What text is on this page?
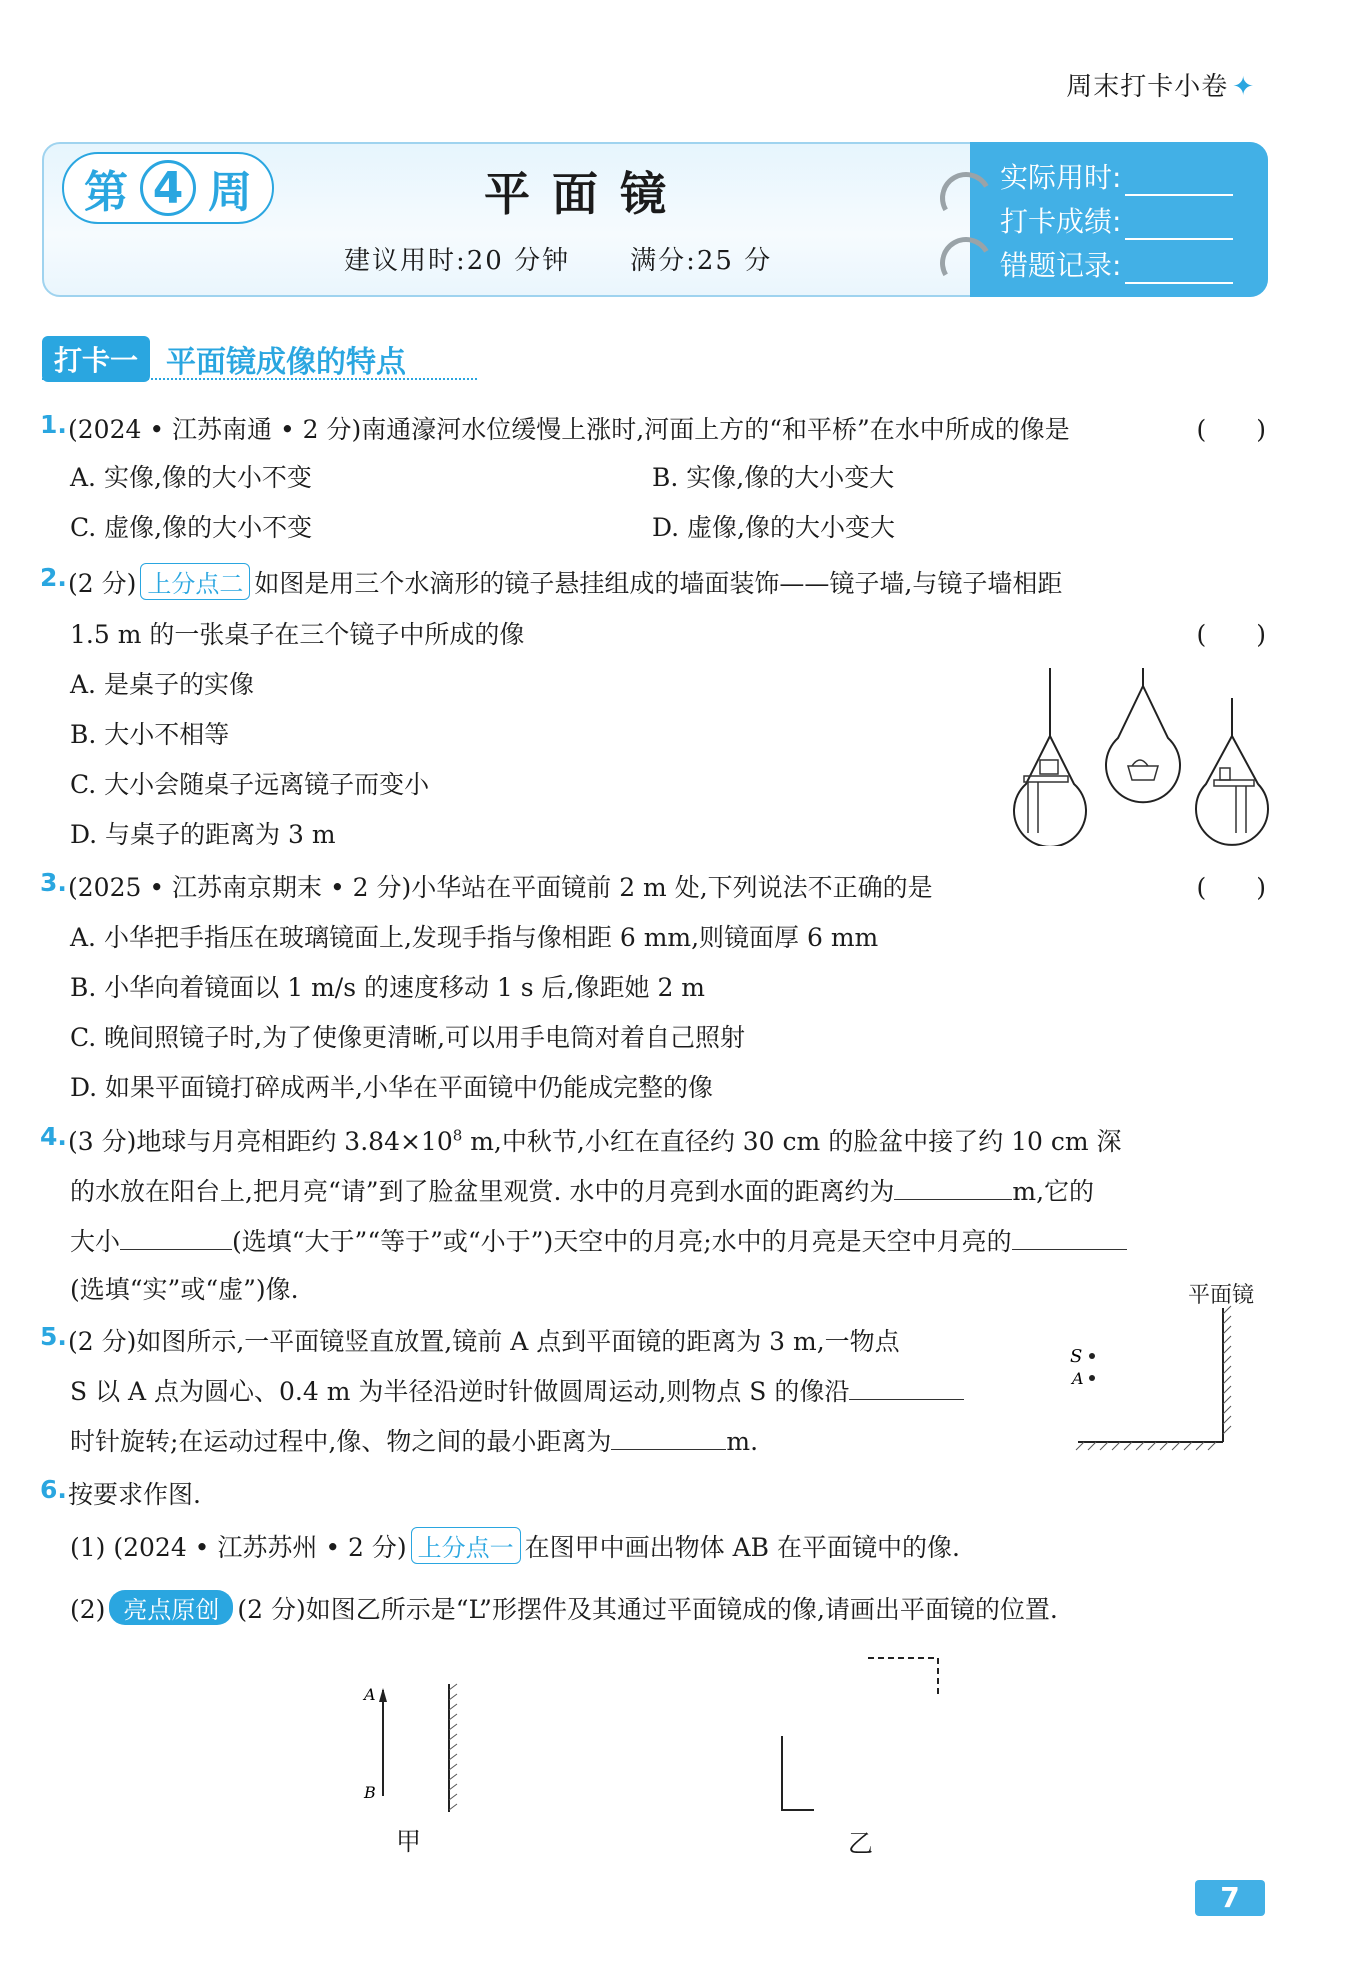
周末打卡小卷 ✦
第 4 周	平面镜
建议用时:20 分钟 满分:25 分
实际用时:
打卡成绩:
错题记录:
打卡一 平面镜成像的特点
1. (2024 • 江苏南通 • 2 分)南通濠河水位缓慢上涨时,河面上方的“和平桥”在水中所成的像是	(　　)
A. 实像,像的大小不变	B. 实像,像的大小变大
C. 虚像,像的大小不变	D. 虚像,像的大小变大
2. (2 分) 上分点二 如图是用三个水滴形的镜子悬挂组成的墙面装饰——镜子墙,与镜子墙相距
1.5 m 的一张桌子在三个镜子中所成的像	(　　)
A. 是桌子的实像
B. 大小不相等
C. 大小会随桌子远离镜子而变小
D. 与桌子的距离为 3 m
3. (2025 • 江苏南京期末 • 2 分)小华站在平面镜前 2 m 处,下列说法不正确的是	(　　)
A. 小华把手指压在玻璃镜面上,发现手指与像相距 6 mm,则镜面厚 6 mm
B. 小华向着镜面以 1 m/s 的速度移动 1 s 后,像距她 2 m
C. 晚间照镜子时,为了使像更清晰,可以用手电筒对着自己照射
D. 如果平面镜打碎成两半,小华在平面镜中仍能成完整的像
4. (3 分)地球与月亮相距约 $3.84\times 10^8$ m,中秋节,小红在直径约 30 cm 的脸盆中接了约 10 cm 深
的水放在阳台上,把月亮“请”到了脸盆里观赏. 水中的月亮到水面的距离约为	m,它的
大小	(选填“大于”“等于”或“小于”)天空中的月亮;水中的月亮是天空中月亮的
(选填“实”或“虚”)像.
5. (2 分)如图所示,一平面镜竖直放置,镜前 A 点到平面镜的距离为 3 m,一物点
S 以 A 点为圆心、0.4 m 为半径沿逆时针做圆周运动,则物点 S 的像沿
时针旋转;在运动过程中,像、物之间的最小距离为	m.
平面镜
S
A
6. 按要求作图.
(1) (2024 • 江苏苏州 • 2 分) 上分点一 在图甲中画出物体 AB 在平面镜中的像.
(2) 亮点原创 (2 分)如图乙所示是“L”形摆件及其通过平面镜成的像,请画出平面镜的位置.
A
B
甲	乙
7
